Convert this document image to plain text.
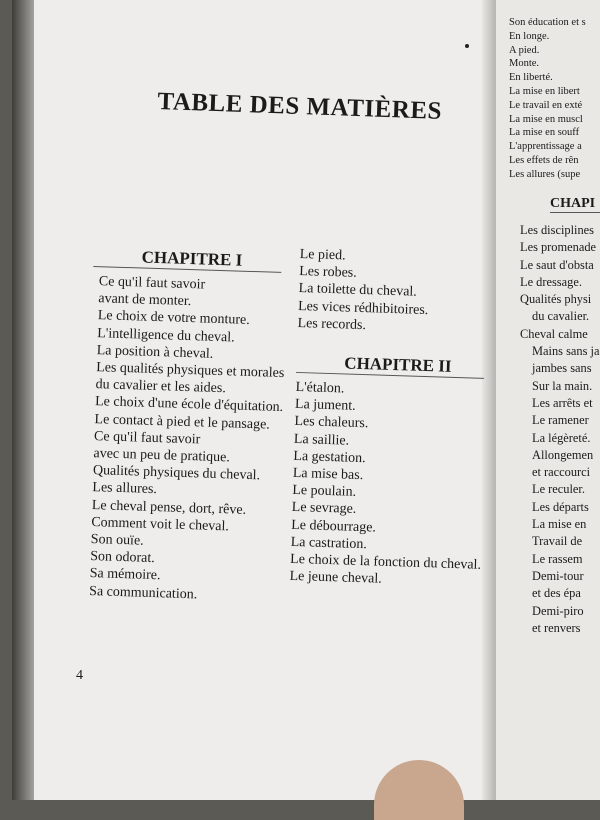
TABLE DES MATIÈRES
CHAPITRE I
Ce qu'il faut savoir
avant de monter.
Le choix de votre monture.
L'intelligence du cheval.
La position à cheval.
Les qualités physiques et morales
du cavalier et les aides.
Le choix d'une école d'équitation.
Le contact à pied et le pansage.
Ce qu'il faut savoir
avec un peu de pratique.
Qualités physiques du cheval.
Les allures.
Le cheval pense, dort, rêve.
Comment voit le cheval.
Son ouïe.
Son odorat.
Sa mémoire.
Sa communication.
Le pied.
Les robes.
La toilette du cheval.
Les vices rédhibitoires.
Les records.
CHAPITRE II
L'étalon.
La jument.
Les chaleurs.
La saillie.
La gestation.
La mise bas.
Le poulain.
Le sevrage.
Le débourrage.
La castration.
Le choix de la fonction du cheval.
Le jeune cheval.
4
Son éducation et s
En longe.
A pied.
Monte.
En liberté.
La mise en libert
Le travail en exté
La mise en muscl
La mise en souff
L'apprentissage a
Les effets de rên
Les allures (supe
CHAPI
Les disciplines
Les promenade
Le saut d'obsta
Le dressage.
Qualités physi
du cavalier.
Cheval calme
Mains sans ja
jambes sans
Sur la main.
Les arrêts et
Le ramener
La légèreté.
Allongemen
et raccourci
Le reculer.
Les départs
La mise en
Travail de
Le rassem
Demi-tour
et des épa
Demi-piro
et renvers
